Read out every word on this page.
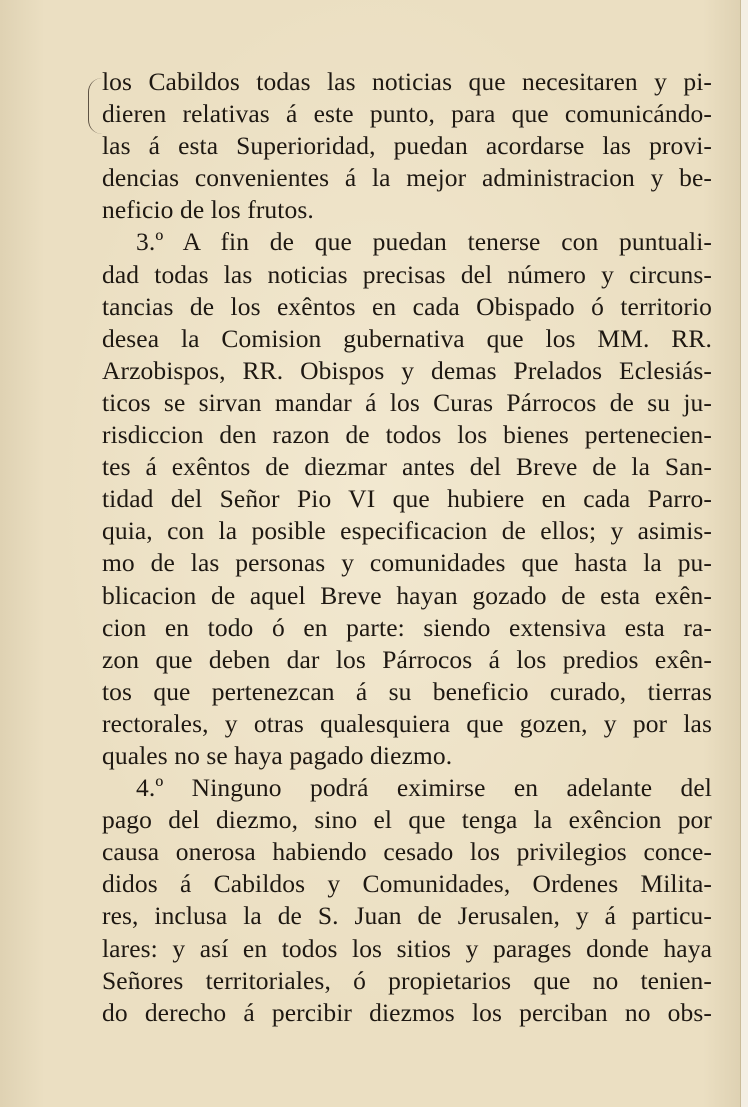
los Cabildos todas las noticias que necesitaren y pi-
dieren relativas á este punto, para que comunicándo-
las á esta Superioridad, puedan acordarse las provi-
dencias convenientes á la mejor administracion y be-
neficio de los frutos.
3.º A fin de que puedan tenerse con puntuali-
dad todas las noticias precisas del número y circuns-
tancias de los exêntos en cada Obispado ó territorio
desea la Comision gubernativa que los MM. RR.
Arzobispos, RR. Obispos y demas Prelados Eclesiás-
ticos se sirvan mandar á los Curas Párrocos de su ju-
risdiccion den razon de todos los bienes pertenecien-
tes á exêntos de diezmar antes del Breve de la San-
tidad del Señor Pio VI que hubiere en cada Parro-
quia, con la posible especificacion de ellos; y asimis-
mo de las personas y comunidades que hasta la pu-
blicacion de aquel Breve hayan gozado de esta exên-
cion en todo ó en parte: siendo extensiva esta ra-
zon que deben dar los Párrocos á los predios exên-
tos que pertenezcan á su beneficio curado, tierras
rectorales, y otras qualesquiera que gozen, y por las
quales no se haya pagado diezmo.
4.º Ninguno podrá eximirse en adelante del
pago del diezmo, sino el que tenga la exêncion por
causa onerosa habiendo cesado los privilegios conce-
didos á Cabildos y Comunidades, Ordenes Milita-
res, inclusa la de S. Juan de Jerusalen, y á particu-
lares: y así en todos los sitios y parages donde haya
Señores territoriales, ó propietarios que no tenien-
do derecho á percibir diezmos los perciban no obs-
